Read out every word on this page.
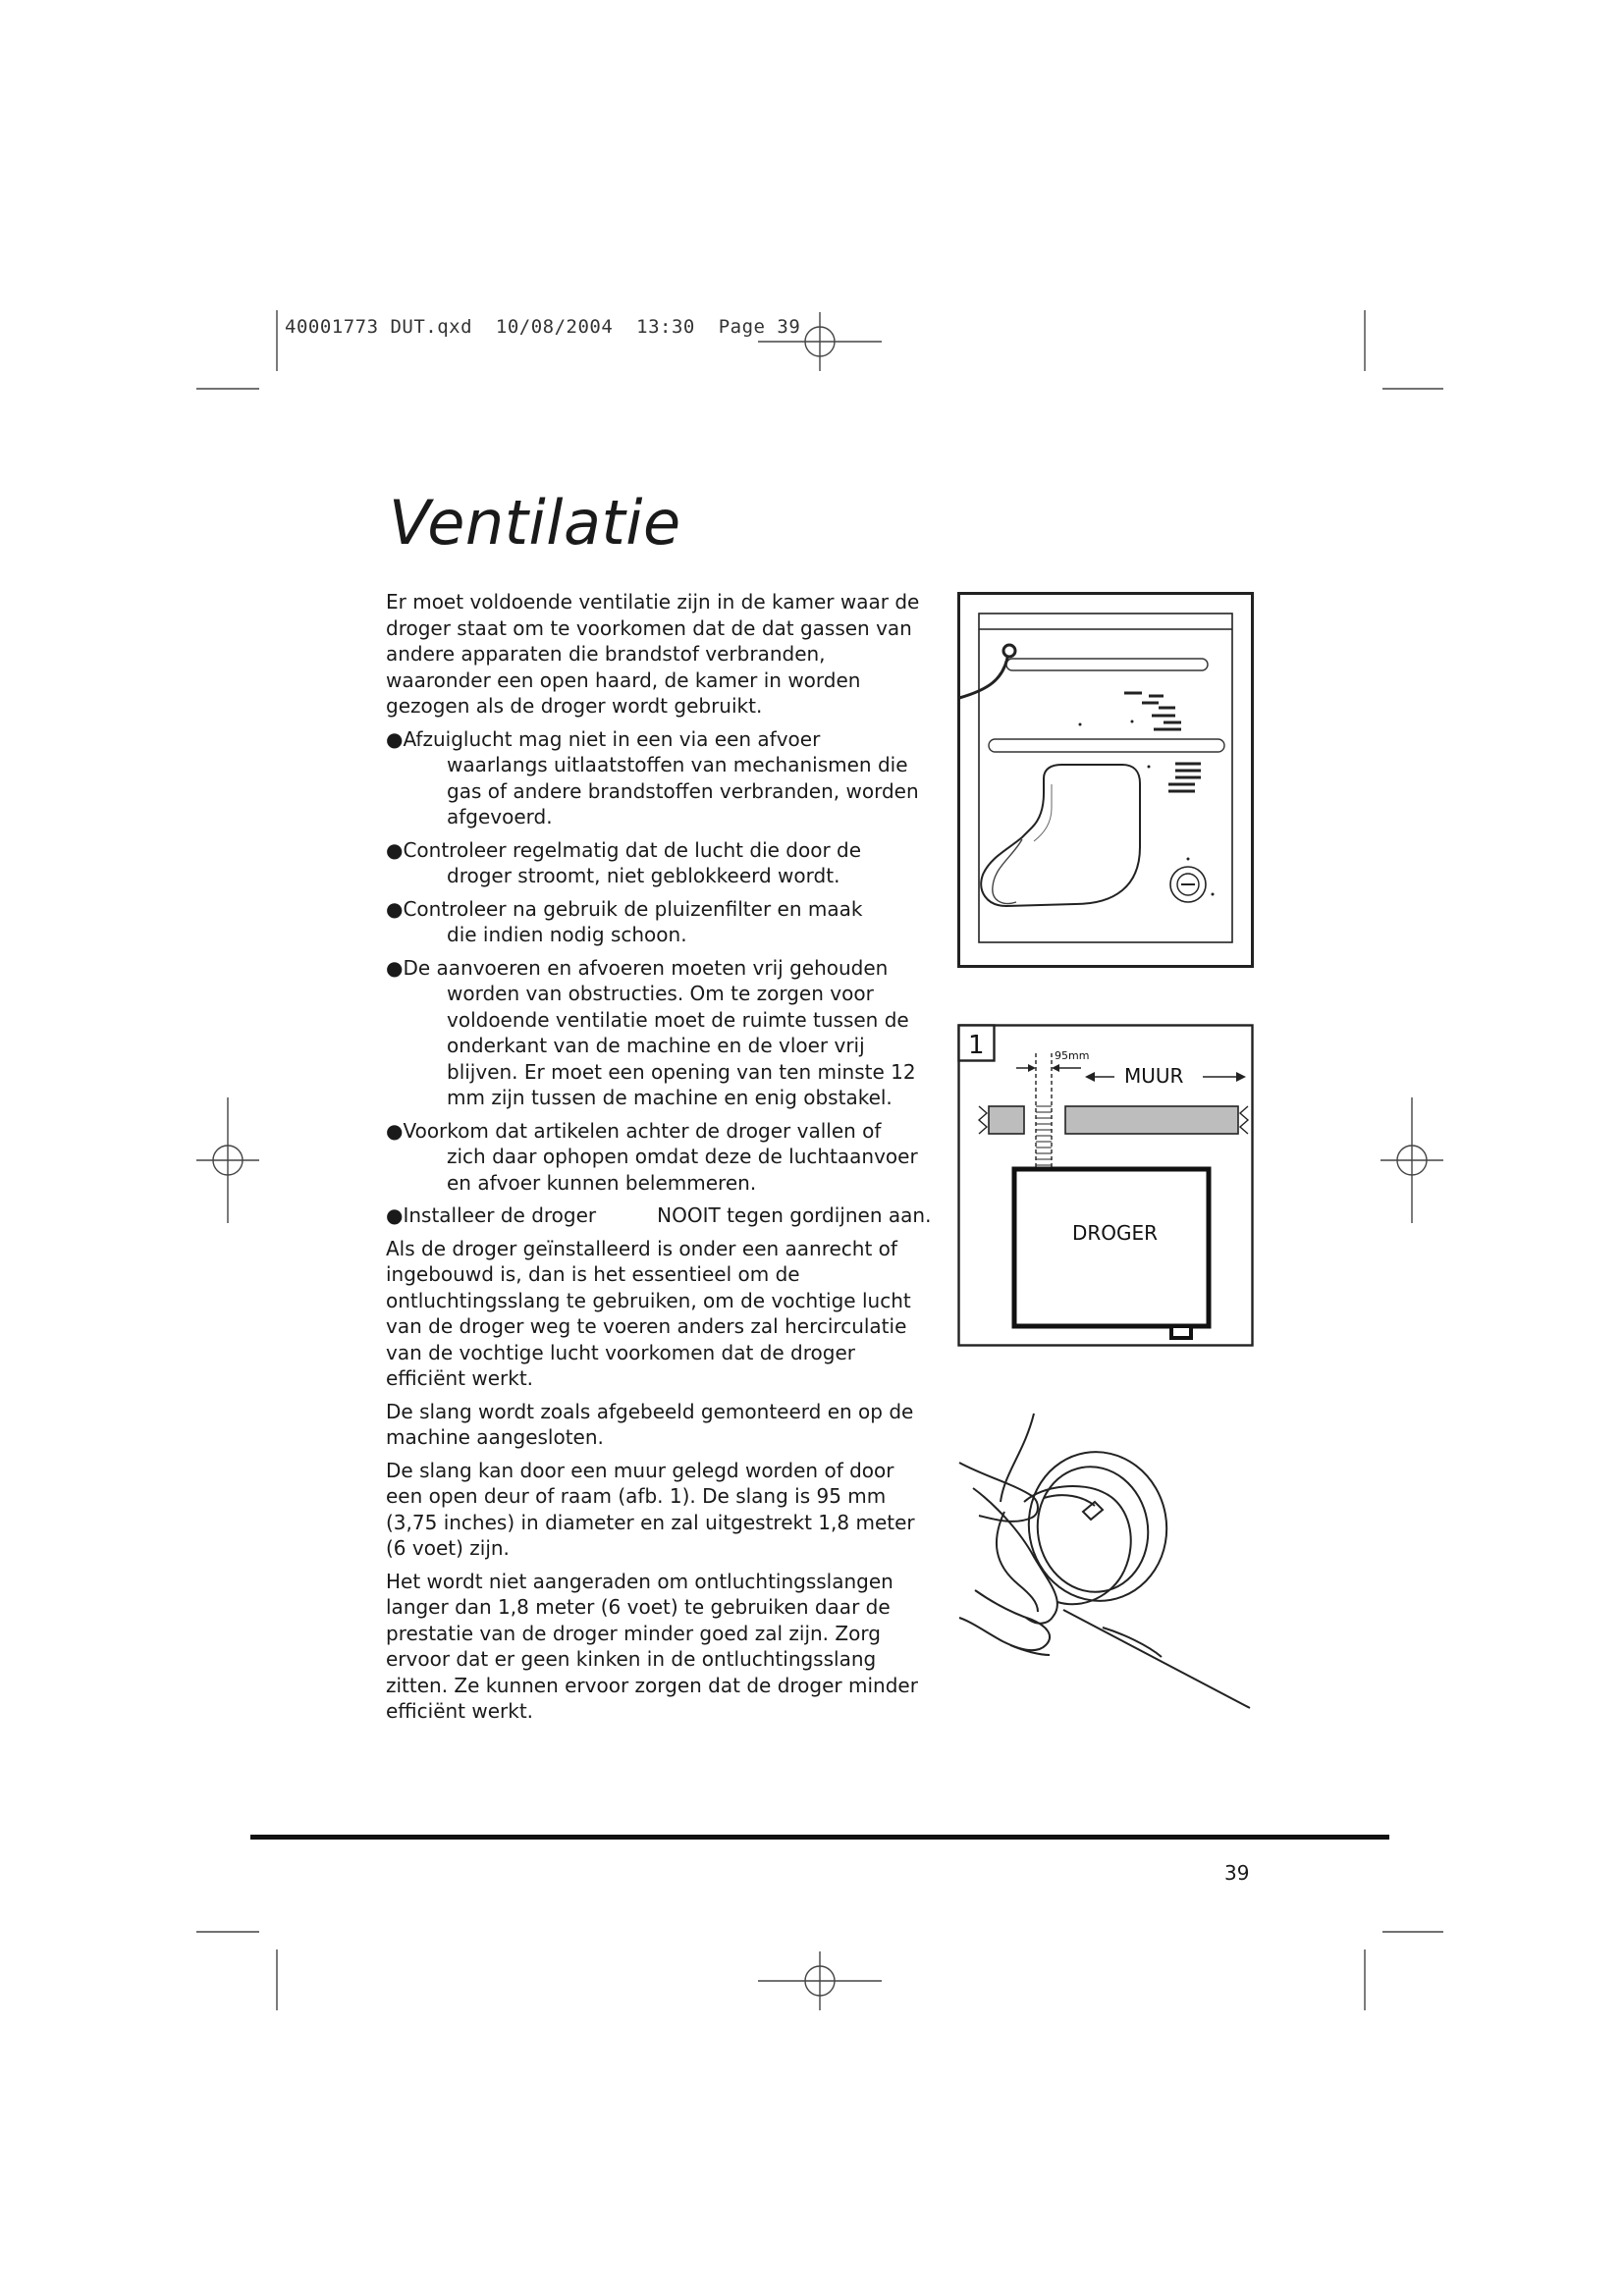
40001773 DUT.qxd  10/08/2004  13:30  Page 39
Ventilatie

Er moet voldoende ventilatie zijn in de kamer waar de droger staat om te voorkomen dat de dat gassen van andere apparaten die brandstof verbranden, waaronder een open haard, de kamer in worden gezogen als de droger wordt gebruikt.

●Afzuiglucht mag niet in een via een afvoer
waarlangs uitlaatstoffen van mechanismen die gas of andere brandstoffen verbranden, worden afgevoerd.
●Controleer regelmatig dat de lucht die door de
droger stroomt, niet geblokkeerd wordt.
●Controleer na gebruik de pluizenfilter en maak
die indien nodig schoon.
●De aanvoeren en afvoeren moeten vrij gehouden
worden van obstructies. Om te zorgen voor voldoende ventilatie moet de ruimte tussen de onderkant van de machine en de vloer vrij blijven. Er moet een opening van ten minste 12 mm zijn tussen de machine en enig obstakel.
●Voorkom dat artikelen achter de droger vallen of
zich daar ophopen omdat deze de luchtaanvoer en afvoer kunnen belemmeren.
●Installeer de droger	NOOIT tegen gordijnen aan.

Als de droger geïnstalleerd is onder een aanrecht of ingebouwd is, dan is het essentieel om de ontluchtingsslang te gebruiken, om de vochtige lucht van de droger weg te voeren anders zal hercirculatie van de vochtige lucht voorkomen dat de droger efficiënt werkt.

De slang wordt zoals afgebeeld gemonteerd en op de machine aangesloten.

De slang kan door een muur gelegd worden of door een open deur of raam (afb. 1). De slang is 95 mm (3,75 inches) in diameter en zal uitgestrekt 1,8 meter (6 voet) zijn.

Het wordt niet aangeraden om ontluchtingsslangen langer dan 1,8 meter (6 voet) te gebruiken daar de prestatie van de droger minder goed zal zijn. Zorg ervoor dat er geen kinken in de ontluchtingsslang zitten. Ze kunnen ervoor zorgen dat de droger minder efficiënt werkt.

1	95mm
MUUR
DROGER
39
